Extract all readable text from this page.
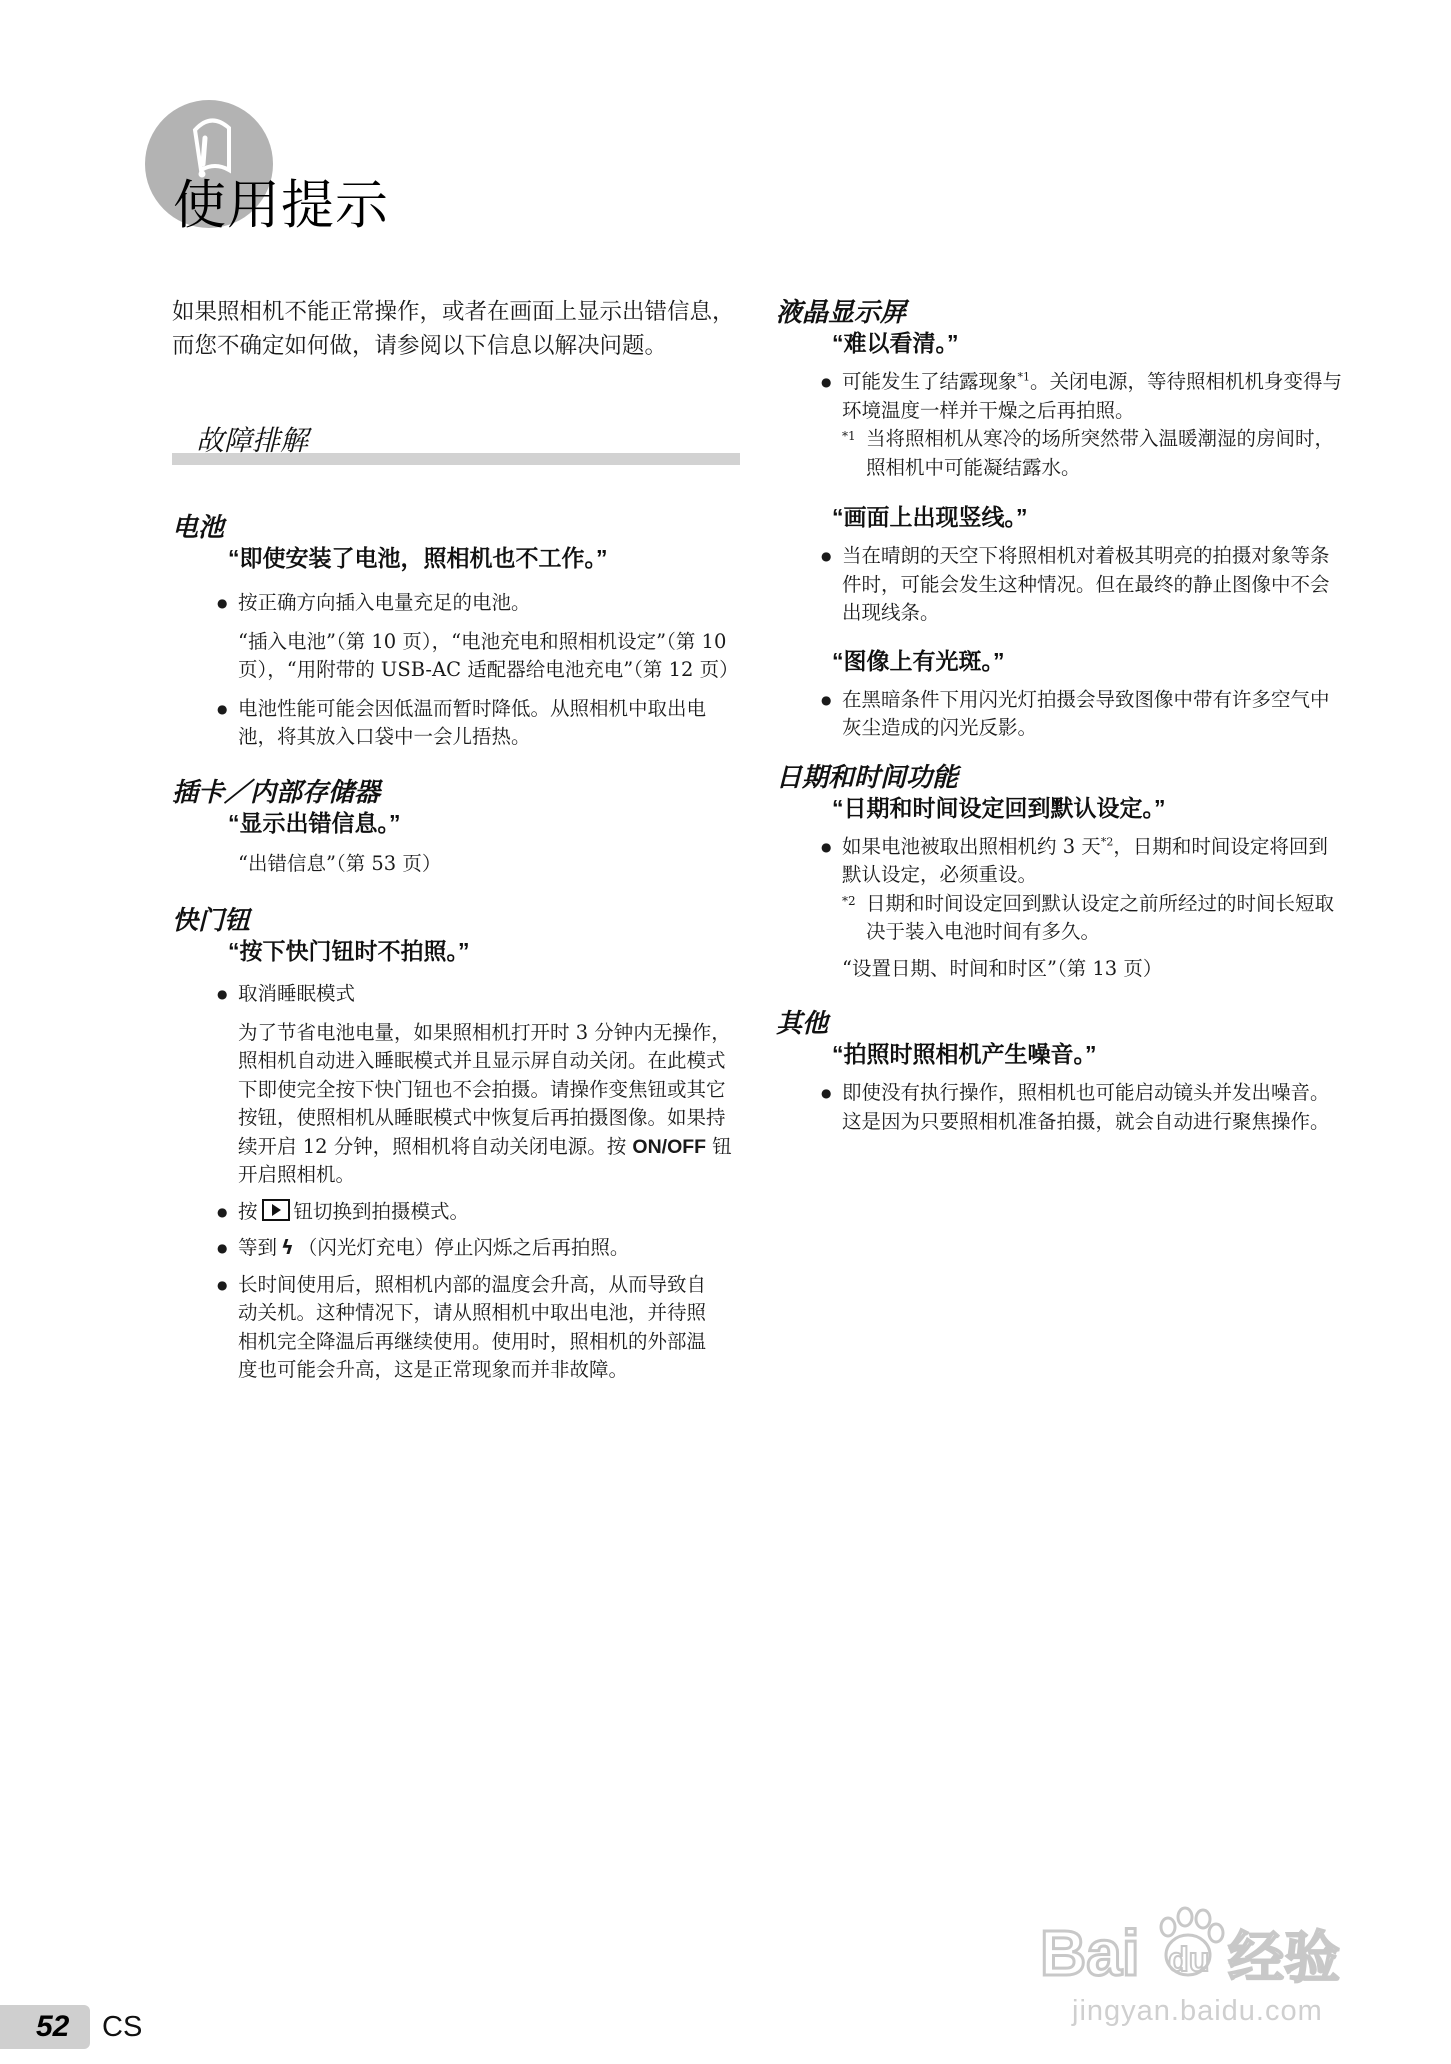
使用提示

如果照相机不能正常操作，或者在画面上显示出错信息，而您不确定如何做，请参阅以下信息以解决问题。

故障排解
电池
“即使安装了电池，照相机也不工作。”
● 按正确方向插入电量充足的电池。
“插入电池”（第 10 页），“电池充电和照相机设定”（第 10 页），“用附带的 USB-AC 适配器给电池充电”（第 12 页）
● 电池性能可能会因低温而暂时降低。从照相机中取出电池，将其放入口袋中一会儿捂热。
插卡／内部存储器
“显示出错信息。”
“出错信息”（第 53 页）
快门钮
“按下快门钮时不拍照。”
● 取消睡眠模式
为了节省电池电量，如果照相机打开时 3 分钟内无操作，照相机自动进入睡眠模式并且显示屏自动关闭。在此模式下即使完全按下快门钮也不会拍摄。请操作变焦钮或其它按钮，使照相机从睡眠模式中恢复后再拍摄图像。如果持续开启 12 分钟，照相机将自动关闭电源。按 ON/OFF 钮开启照相机。
● 按 钮切换到拍摄模式。
● 等到 ϟ （闪光灯充电）停止闪烁之后再拍照。
● 长时间使用后，照相机内部的温度会升高，从而导致自动关机。这种情况下，请从照相机中取出电池，并待照相机完全降温后再继续使用。使用时，照相机的外部温度也可能会升高，这是正常现象而并非故障。
液晶显示屏
“难以看清。”
● 可能发生了结露现象$^{*1}$。关闭电源，等待照相机机身变得与环境温度一样并干燥之后再拍照。
*1 当将照相机从寒冷的场所突然带入温暖潮湿的房间时，照相机中可能凝结露水。
“画面上出现竖线。”
● 当在晴朗的天空下将照相机对着极其明亮的拍摄对象等条件时，可能会发生这种情况。但在最终的静止图像中不会出现线条。
“图像上有光斑。”
● 在黑暗条件下用闪光灯拍摄会导致图像中带有许多空气中灰尘造成的闪光反影。
日期和时间功能
“日期和时间设定回到默认设定。”
● 如果电池被取出照相机约 3 天$^{*2}$，日期和时间设定将回到默认设定，必须重设。
*2 日期和时间设定回到默认设定之前所经过的时间长短取决于装入电池时间有多久。
“设置日期、时间和时区”（第 13 页）
其他
“拍照时照相机产生噪音。”
● 即使没有执行操作，照相机也可能启动镜头并发出噪音。这是因为只要照相机准备拍摄，就会自动进行聚焦操作。
52 CS
Bai du 经验
jingyan.baidu.com
